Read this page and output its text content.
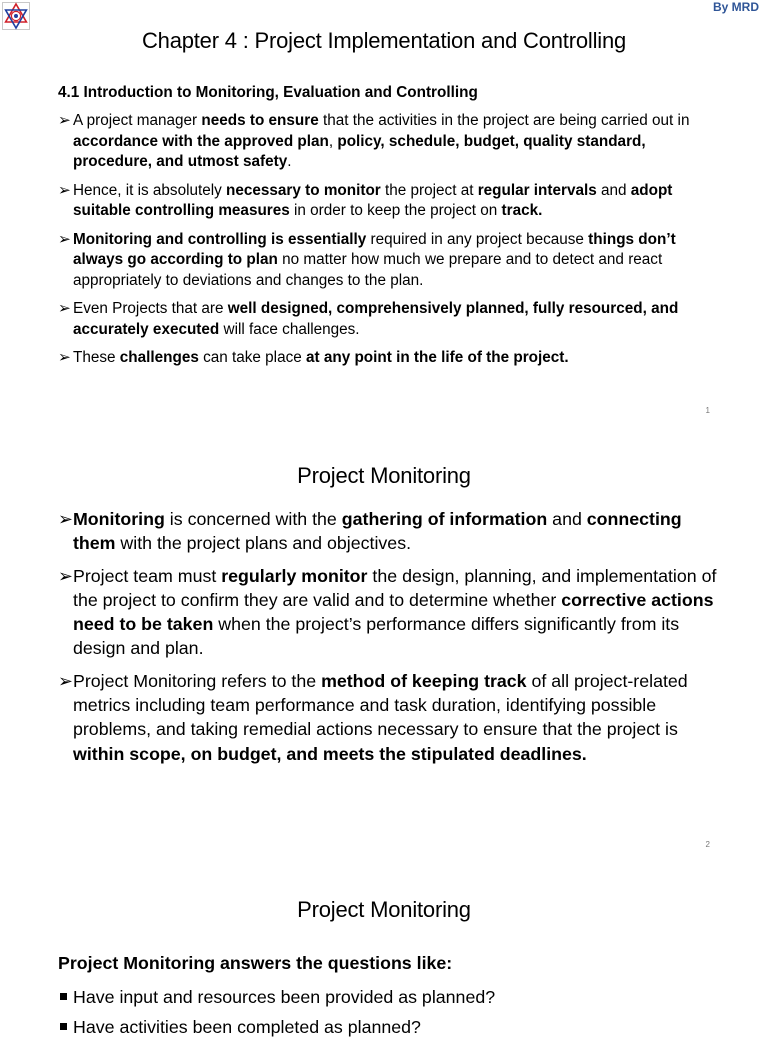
By MRD
Chapter 4 : Project Implementation and Controlling
4.1 Introduction to Monitoring, Evaluation and Controlling
➢ A project manager needs to ensure that the activities in the project are being carried out in accordance with the approved plan, policy, schedule, budget, quality standard, procedure, and utmost safety.
➢ Hence, it is absolutely necessary to monitor the project at regular intervals and adopt suitable controlling measures in order to keep the project on track.
➢ Monitoring and controlling is essentially required in any project because things don’t always go according to plan no matter how much we prepare and to detect and react appropriately to deviations and changes to the plan.
➢ Even Projects that are well designed, comprehensively planned, fully resourced, and accurately executed will face challenges.
➢ These challenges can take place at any point in the life of the project.
1
Project Monitoring
➢ Monitoring is concerned with the gathering of information and connecting them with the project plans and objectives.
➢ Project team must regularly monitor the design, planning, and implementation of the project to confirm they are valid and to determine whether corrective actions need to be taken when the project’s performance differs significantly from its design and plan.
➢ Project Monitoring refers to the method of keeping track of all project-related metrics including team performance and task duration, identifying possible problems, and taking remedial actions necessary to ensure that the project is within scope, on budget, and meets the stipulated deadlines.
2
Project Monitoring
Project Monitoring answers the questions like:
Have input and resources been provided as planned?
Have activities been completed as planned?
